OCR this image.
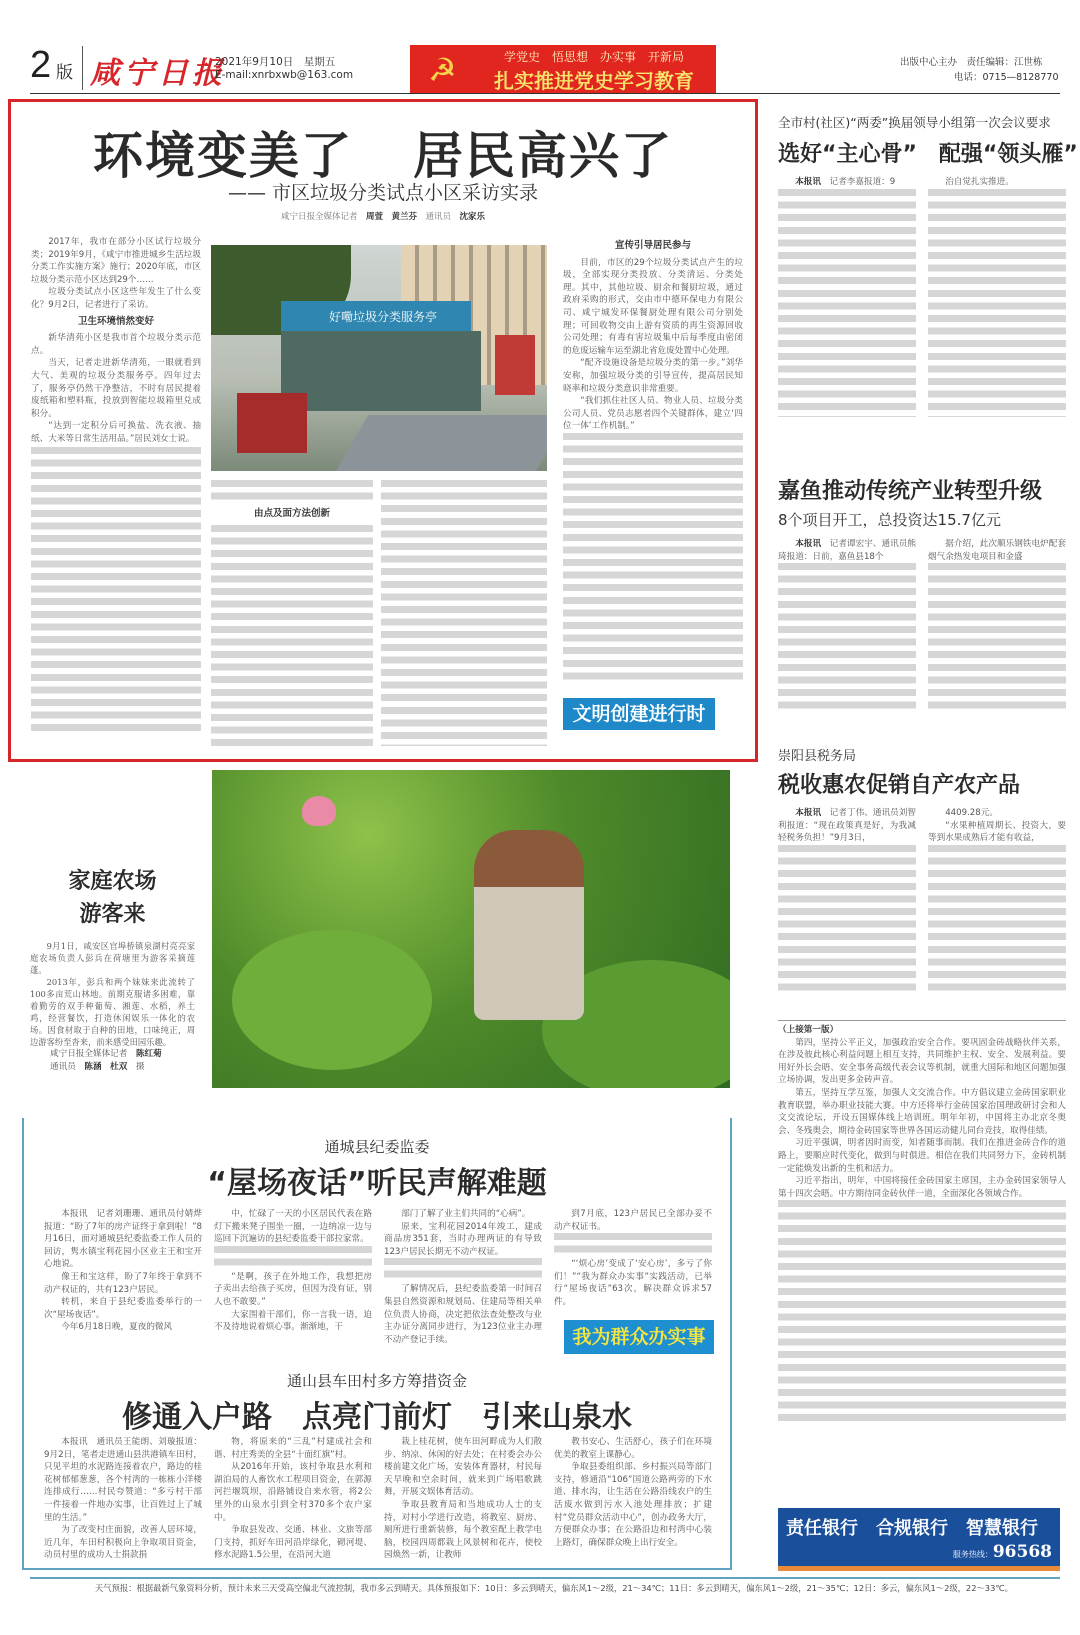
2 版 咸宁日报
2021年9月10日　星期五
E-mail:xnrbxwb@163.com ☭	学党史　悟思想　办实事　开新局
扎实推进党史学习教育
出版中心主办　责任编辑：江世栋
电话：0715—8128770
环境变美了 居民高兴了
—— 市区垃圾分类试点小区采访实录
咸宁日报全媒体记者　 周萱　黄兰芬　 通讯员　 沈家乐

2017年，我市在部分小区试行垃圾分类；2019年9月，《咸宁市推进城乡生活垃圾分类工作实施方案》施行；2020年底，市区垃圾分类示范小区达到29个……

垃圾分类试点小区这些年发生了什么变化？9月2日，记者进行了采访。

卫生环境悄然变好

新华清苑小区是我市首个垃圾分类示范点。

当天，记者走进新华清苑，一眼就看到大气、美观的垃圾分类服务亭。四年过去了，服务亭仍然干净整洁，不时有居民提着废纸箱和塑料瓶，投放到智能垃圾箱里兑成积分。

“达到一定积分后可换盐、洗衣液、抽纸、大米等日常生活用品。”居民刘女士说。

好嘞垃圾分类服务亭
由点及面方法创新
宣传引导居民参与

目前，市区的29个垃圾分类试点产生的垃圾，全部实现分类投放、分类清运、分类处理。其中，其他垃圾、厨余和餐厨垃圾，通过政府采购的形式，交由市中德环保电力有限公司、咸宁城发环保餐厨处理有限公司分别处理；可回收物交由上游有资质的再生资源回收公司处理；有毒有害垃圾集中后每季度由密闭的危废运输车运至湖北省危废处置中心处理。

“配齐设施设备是垃圾分类的第一步。”刘华安称，加强垃圾分类的引导宣传，提高居民知晓率和垃圾分类意识非常重要。

“我们抓住社区人员、物业人员、垃圾分类公司人员、党员志愿者四个关键群体，建立‘四位一体’工作机制。”

文明创建进行时
全市村(社区)“两委”换届领导小组第一次会议要求
选好“主心骨”　配强“领头雁”

本报讯　 记者李嘉报道：9	治自觉扎实推进。

嘉鱼推动传统产业转型升级
8个项目开工，总投资达15.7亿元

本报讯　 记者谭宏宇、通讯员熊琦报道：日前，嘉鱼县18个

据介绍，此次顺乐钢铁电炉配套烟气余热发电项目和金盛

崇阳县税务局
税收惠农促销自产农产品

本报讯　 记者丁伟、通讯员刘智利报道：“现在政策真是好，为我减轻税务负担！”9月3日，

4409.28元。

“水果种植周期长、投资大，要等到水果成熟后才能有收益，

（上接第一版）

第四，坚持公平正义，加强政治安全合作。要巩固金砖战略伙伴关系，在涉及彼此核心利益问题上相互支持，共同维护主权、安全、发展利益。要用好外长会晤、安全事务高级代表会议等机制，就重大国际和地区问题加强立场协调，发出更多金砖声音。

第五，坚持互学互鉴，加强人文交流合作。中方倡议建立金砖国家职业教育联盟，举办职业技能大赛。中方还将举行金砖国家治国理政研讨会和人文交流论坛，开设五国媒体线上培训班。明年年初，中国将主办北京冬奥会、冬残奥会，期待金砖国家等世界各国运动健儿同台竞技，取得佳绩。

习近平强调，明者因时而变，知者随事而制。我们在推进金砖合作的道路上，要顺应时代变化，做到与时俱进。相信在我们共同努力下，金砖机制一定能焕发出新的生机和活力。

习近平指出，明年，中国将接任金砖国家主席国，主办金砖国家领导人第十四次会晤。中方期待同金砖伙伴一道，全面深化各领域合作。

责任银行　合规银行　智慧银行
服务热线：96568
家庭农场
游客来

9月1日，咸安区官埠桥镇泉湖村亮亮家庭农场负责人彭兵在荷塘里为游客采摘莲蓬。

2013年，彭兵和两个妹妹来此流转了100多亩荒山林地。前期克服诸多困难，靠着勤劳的双手种葡萄、湘莲、水稻，养土鸡，经营餐饮，打造休闲娱乐一体化的农场。因食材取于自种的田地，口味纯正，周边游客纷至沓来，前来感受田园乐趣。

咸宁日报全媒体记者　陈红菊
通讯员　陈涵　杜双　摄
通城县纪委监委
“屋场夜话”听民声解难题

本报讯　记者刘珊珊、通讯员付婧烨报道：“盼了7年的房产证终于拿到啦！”8月16日，面对通城县纪委监委工作人员的回访，隽水镇宝利花园小区业主王和宝开心地说。

像王和宝这样，盼了7年终于拿到不动产权证的，共有123户居民。

转机，来自于县纪委监委举行的一次“屋场夜话”。

今年6月18日晚，夏夜的微风

中，忙碌了一天的小区居民代表在路灯下搬来凳子围坐一圈，一边纳凉一边与巡回下沉遍访的县纪委监委干部拉家常。

“是啊，孩子在外地工作，我想把房子卖出去给孩子买房，但因为没有证，别人也不敢要。”

大家围着干部们，你一言我一语，迫不及待地说着烦心事。渐渐地，干

部门了解了业主们共同的“心病”。

原来，宝利花园2014年竣工，建成商品房351套，当时办理两证的有导致123户居民长期无不动产权证。

了解情况后，县纪委监委第一时间召集县自然资源和规划局、住建局等相关单位负责人协商，决定把依法查处整改与业主办证分离同步进行，为123位业主办理不动产登记手续。

到7月底，123户居民已全部办妥不动产权证书。

“‘烦心房’变成了‘安心房’，多亏了你们！”“我为群众办实事”实践活动，已举行“屋场夜话”63次，解决群众诉求57件。

我为群众办实事
通山县车田村多方筹措资金
修通入户路　点亮门前灯　引来山泉水

本报讯　通讯员王能朗、刘璇报道：9月2日，笔者走进通山县洪港镇车田村，只见平坦的水泥路连接着农户，路边的桂花树郁郁葱葱，各个村湾的一栋栋小洋楼连排成行……村民夸赞道：“多亏村干部一件接着一件地办实事，让百姓过上了城里的生活。”

为了改变村庄面貌，改善人居环境，近几年，车田村积极向上争取项目资金，动员村里的成功人士捐款捐

物，将原来的“三乱”村建成社会和谐、村庄秀美的全县“十面红旗”村。

从2016年开始，该村争取县水利和湖泊局的人畜饮水工程项目资金，在郭源河拦堰筑坝，沿路铺设自来水管，将2公里外的山泉水引到全村370多个农户家中。

争取县发改、交通、林业、文旅等部门支持，抓好车田河沿岸绿化，砌河堤、修水泥路1.5公里，在沿河大道

栽上桂花树，使车田河畔成为人们散步、纳凉、休闲的好去处；在村委会办公楼前建文化广场，安装体育器材，村民每天早晚和空余时间，就来到广场唱歌跳舞，开展文娱体育活动。

争取县教育局和当地成功人士的支持，对村小学进行改造，将教室、厨房、厕所进行重新装修，每个教室配上教学电脑，校园四周都栽上风景树和花卉，使校园焕然一新，让教师

教书安心、生活舒心，孩子们在环境优美的教室上课静心。

争取县委组织部、乡村振兴局等部门支持，修通沿“106”国道公路两旁的下水道、排水沟，让生活在公路沿线农户的生活废水做到污水入池处理排放；扩建村“党员群众活动中心”，创办政务大厅，方便群众办事；在公路沿边和村湾中心装上路灯，确保群众晚上出行安全。

天气预报：根据最新气象资料分析，预计未来三天受高空偏北气流控制，我市多云到晴天。具体预报如下：10日：多云到晴天，偏东风1～2级，21～34℃；11日：多云到晴天，偏东风1～2级，21～35℃；12日：多云，偏东风1～2级，22～33℃。
